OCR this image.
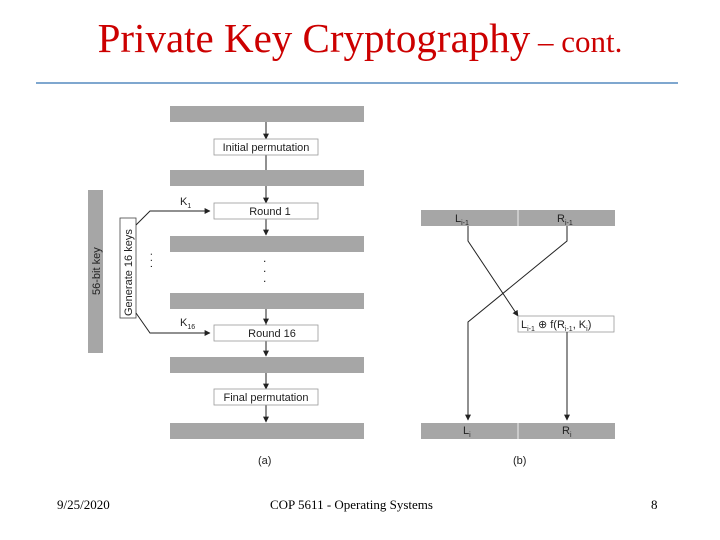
Private Key Cryptography – cont.
56-bit key Generate 16 keys . . .	.
.
.
Initial permutation
Round 1
Round 16
Final permutation
K1
K16
(a)
Li-1	Ri-1
Li-1 ⊕ f(Ri-1, Ki)
Li	Ri
(b)
9/25/2020	COP 5611 - Operating Systems	8
